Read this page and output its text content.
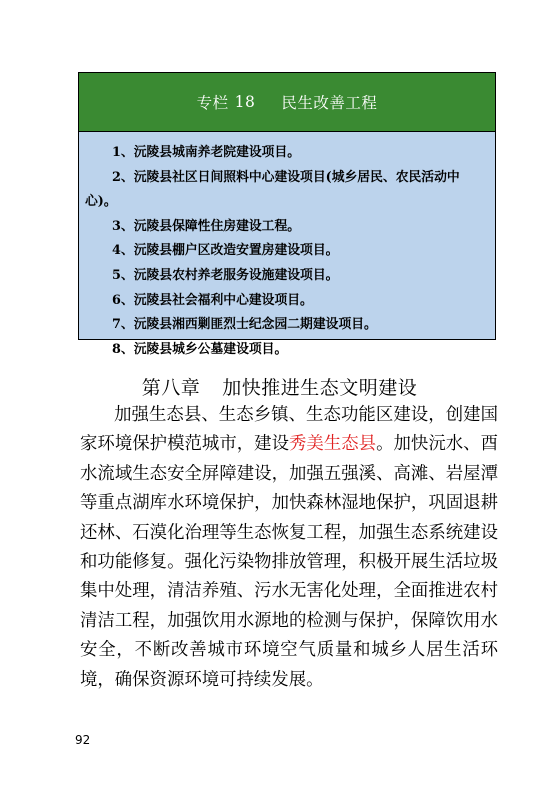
专栏 18 民生改善工程
1、沅陵县城南养老院建设项目。
2、沅陵县社区日间照料中心建设项目(城乡居民、农民活动中心)。
3、沅陵县保障性住房建设工程。
4、沅陵县棚户区改造安置房建设项目。
5、沅陵县农村养老服务设施建设项目。
6、沅陵县社会福利中心建设项目。
7、沅陵县湘西剿匪烈士纪念园二期建设项目。
8、沅陵县城乡公墓建设项目。
第八章 加快推进生态文明建设
加强生态县、生态乡镇、生态功能区建设，创建国家环境保护模范城市，建设秀美生态县。加快沅水、酉水流域生态安全屏障建设，加强五强溪、高滩、岩屋潭等重点湖库水环境保护，加快森林湿地保护，巩固退耕还林、石漠化治理等生态恢复工程，加强生态系统建设和功能修复。强化污染物排放管理，积极开展生活垃圾集中处理，清洁养殖、污水无害化处理，全面推进农村清洁工程，加强饮用水源地的检测与保护，保障饮用水安全，不断改善城市环境空气质量和城乡人居生活环境，确保资源环境可持续发展。
92
